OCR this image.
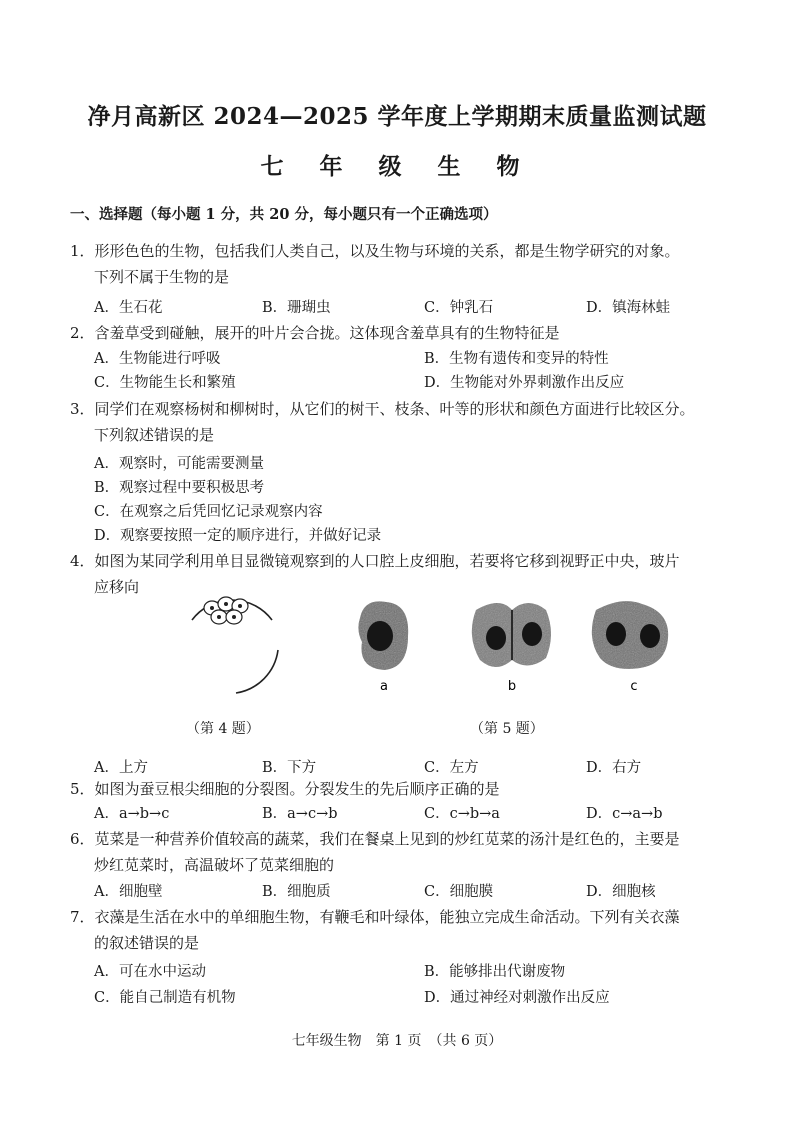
净月高新区 2024—2025 学年度上学期期末质量监测试题
七 年 级 生 物
一、选择题（每小题 1 分，共 20 分，每小题只有一个正确选项）
1．形形色色的生物，包括我们人类自己，以及生物与环境的关系，都是生物学研究的对象。
下列不属于生物的是
A．生石花	B．珊瑚虫	C．钟乳石	D．镇海林蛙
2．含羞草受到碰触，展开的叶片会合拢。这体现含羞草具有的生物特征是
A．生物能进行呼吸	B．生物有遗传和变异的特性
C．生物能生长和繁殖	D．生物能对外界刺激作出反应
3．同学们在观察杨树和柳树时，从它们的树干、枝条、叶等的形状和颜色方面进行比较区分。
下列叙述错误的是
A．观察时，可能需要测量
B．观察过程中要积极思考
C．在观察之后凭回忆记录观察内容
D．观察要按照一定的顺序进行，并做好记录
4．如图为某同学利用单目显微镜观察到的人口腔上皮细胞，若要将它移到视野正中央，玻片
应移向
a	b	c
（第 4 题）	（第 5 题）
A．上方	B．下方	C．左方	D．右方
5．如图为蚕豆根尖细胞的分裂图。分裂发生的先后顺序正确的是
A．a→b→c	B．a→c→b	C．c→b→a	D．c→a→b
6．苋菜是一种营养价值较高的蔬菜，我们在餐桌上见到的炒红苋菜的汤汁是红色的，主要是
炒红苋菜时，高温破坏了苋菜细胞的
A．细胞壁	B．细胞质	C．细胞膜	D．细胞核
7．衣藻是生活在水中的单细胞生物，有鞭毛和叶绿体，能独立完成生命活动。下列有关衣藻
的叙述错误的是
A．可在水中运动	B．能够排出代谢废物
C．能自己制造有机物	D．通过神经对刺激作出反应
七年级生物　第 1 页　（共 6 页）
